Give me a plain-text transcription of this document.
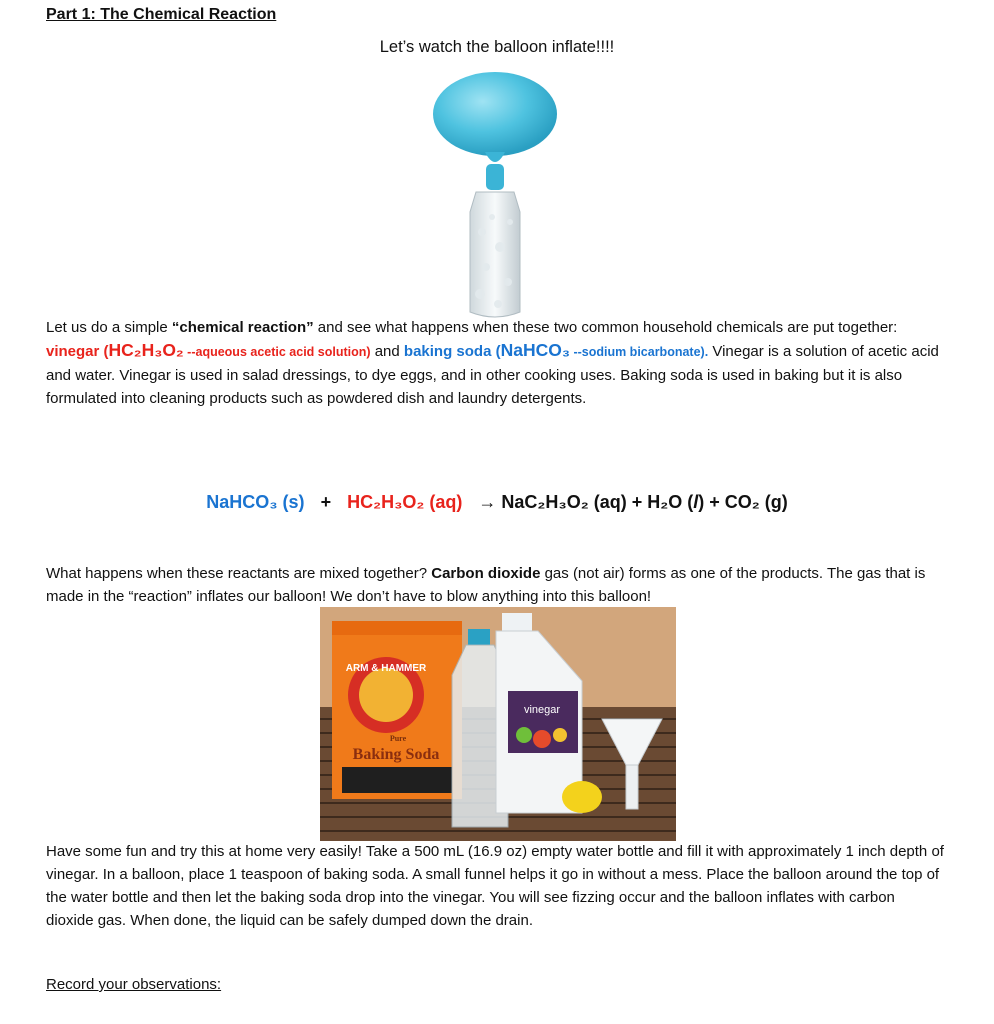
Part 1: The Chemical Reaction
Let’s watch the balloon inflate!!!!
Let us do a simple “chemical reaction” and see what happens when these two common household chemicals are put together: vinegar (HC₂H₃O₂ --aqueous acetic acid solution) and baking soda (NaHCO₃ --sodium bicarbonate). Vinegar is a solution of acetic acid and water. Vinegar is used in salad dressings, to dye eggs, and in other cooking uses. Baking soda is used in baking but it is also formulated into cleaning products such as powdered dish and laundry detergents.
NaHCO₃ (s) + HC₂H₃O₂ (aq) → NaC₂H₃O₂ (aq) + H₂O (l) + CO₂ (g)
What happens when these reactants are mixed together? Carbon dioxide gas (not air) forms as one of the products. The gas that is made in the “reaction” inflates our balloon! We don’t have to blow anything into this balloon!
ARM & HAMMER
Pure
Baking Soda
vinegar
Have some fun and try this at home very easily! Take a 500 mL (16.9 oz) empty water bottle and fill it with approximately 1 inch depth of vinegar. In a balloon, place 1 teaspoon of baking soda. A small funnel helps it go in without a mess. Place the balloon around the top of the water bottle and then let the baking soda drop into the vinegar. You will see fizzing occur and the balloon inflates with carbon dioxide gas. When done, the liquid can be safely dumped down the drain.
Record your observations:
